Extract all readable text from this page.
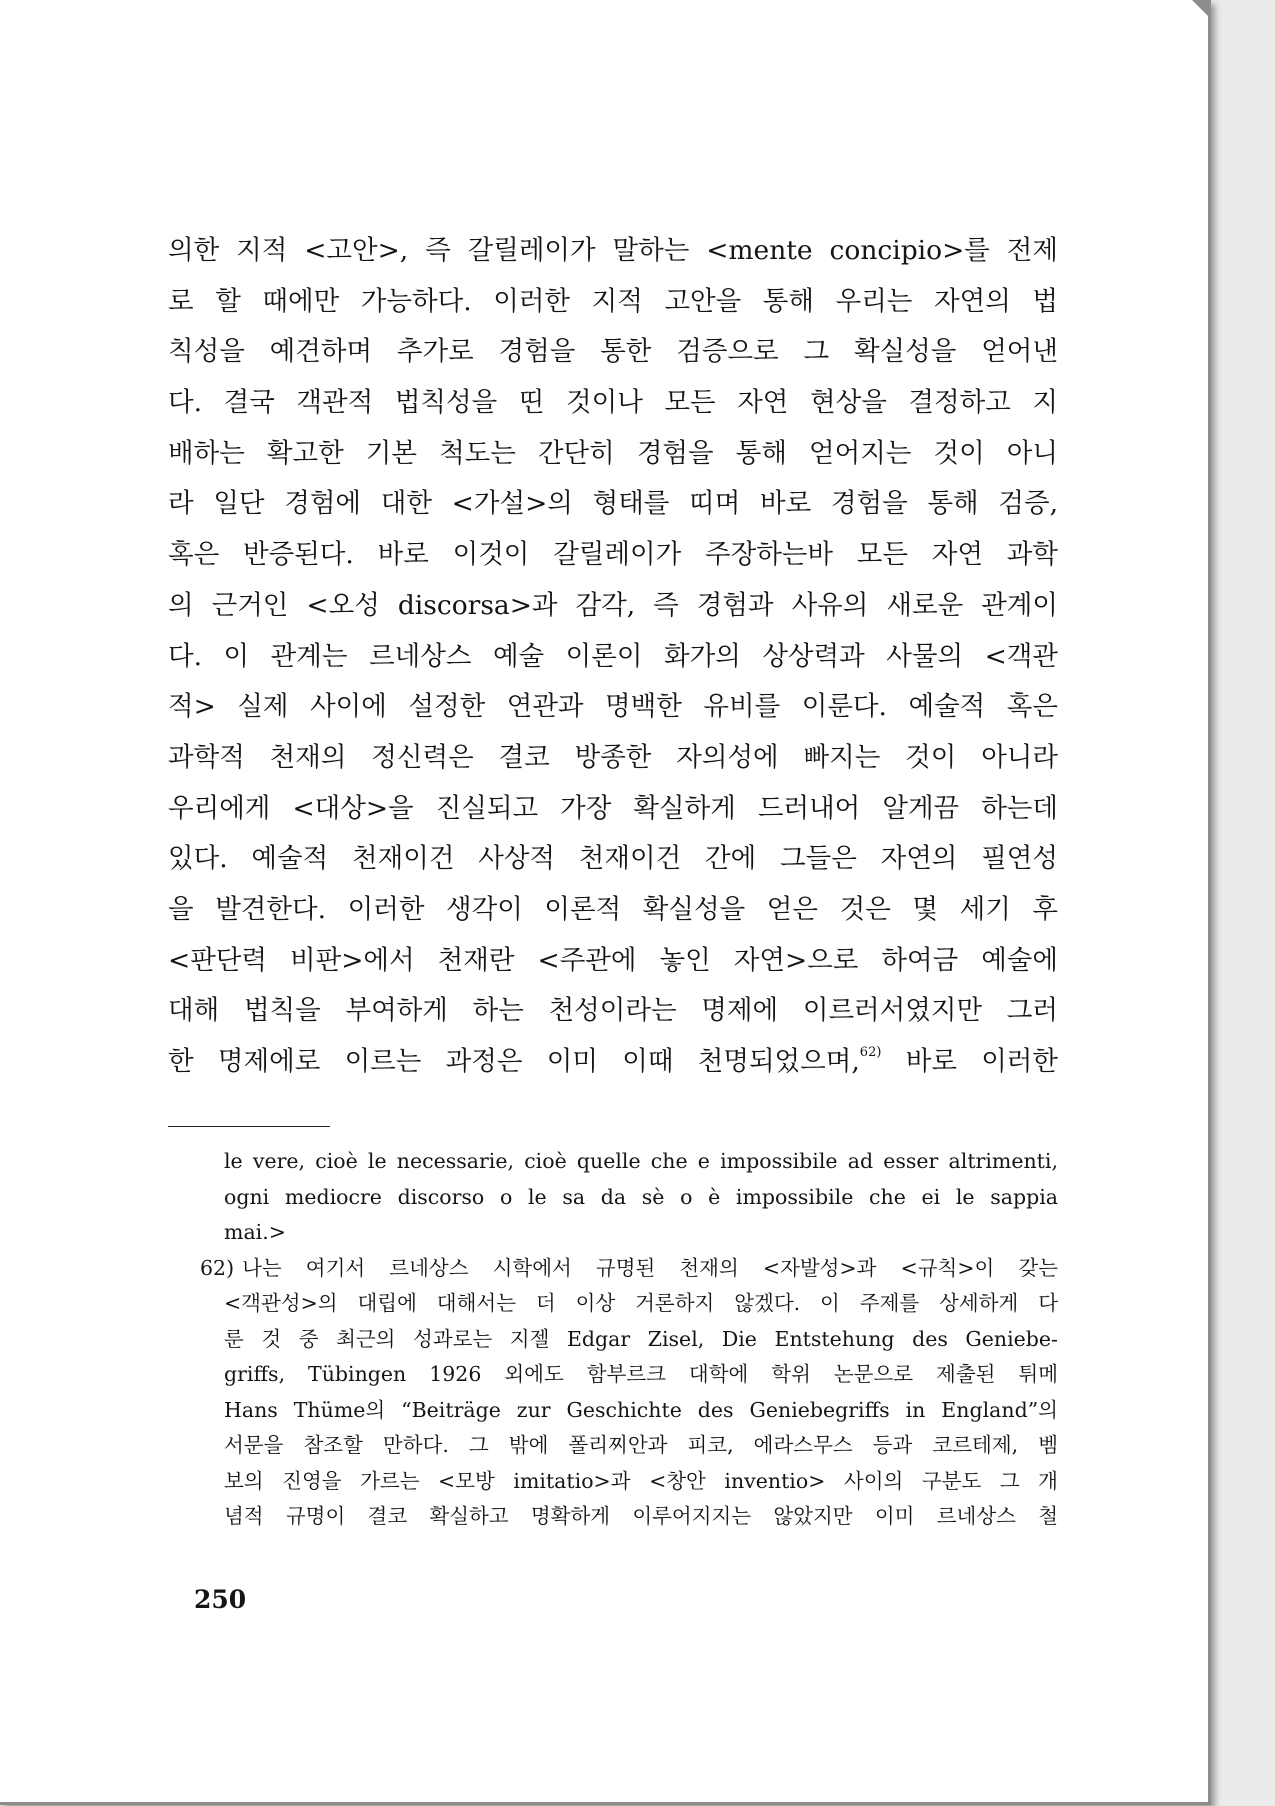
의한 지적 <고안>, 즉 갈릴레이가 말하는 <mente concipio>를 전제
로 할 때에만 가능하다. 이러한 지적 고안을 통해 우리는 자연의 법
칙성을 예견하며 추가로 경험을 통한 검증으로 그 확실성을 얻어낸
다. 결국 객관적 법칙성을 띤 것이나 모든 자연 현상을 결정하고 지
배하는 확고한 기본 척도는 간단히 경험을 통해 얻어지는 것이 아니
라 일단 경험에 대한 <가설>의 형태를 띠며 바로 경험을 통해 검증,
혹은 반증된다. 바로 이것이 갈릴레이가 주장하는바 모든 자연 과학
의 근거인 <오성 discorsa>과 감각, 즉 경험과 사유의 새로운 관계이
다. 이 관계는 르네상스 예술 이론이 화가의 상상력과 사물의 <객관
적> 실제 사이에 설정한 연관과 명백한 유비를 이룬다. 예술적 혹은
과학적 천재의 정신력은 결코 방종한 자의성에 빠지는 것이 아니라
우리에게 <대상>을 진실되고 가장 확실하게 드러내어 알게끔 하는데
있다. 예술적 천재이건 사상적 천재이건 간에 그들은 자연의 필연성
을 발견한다. 이러한 생각이 이론적 확실성을 얻은 것은 몇 세기 후
<판단력 비판>에서 천재란 <주관에 놓인 자연>으로 하여금 예술에
대해 법칙을 부여하게 하는 천성이라는 명제에 이르러서였지만 그러
한 명제에로 이르는 과정은 이미 이때 천명되었으며,$^{62)}$ 바로 이러한
le vere, cioè le necessarie, cioè quelle che e impossibile ad esser altrimenti,
ogni mediocre discorso o le sa da sè o è impossibile che ei le sappia
mai.>
62) 나는 여기서 르네상스 시학에서 규명된 천재의 <자발성>과 <규칙>이 갖는
<객관성>의 대립에 대해서는 더 이상 거론하지 않겠다. 이 주제를 상세하게 다
룬 것 중 최근의 성과로는 지젤 Edgar Zisel, Die Entstehung des Geniebe-
griffs, Tübingen 1926 외에도 함부르크 대학에 학위 논문으로 제출된 튀메
Hans Thüme의 “Beiträge zur Geschichte des Geniebegriffs in England”의
서문을 참조할 만하다. 그 밖에 폴리찌안과 피코, 에라스무스 등과 코르테제, 벰
보의 진영을 가르는 <모방 imitatio>과 <창안 inventio> 사이의 구분도 그 개
념적 규명이 결코 확실하고 명확하게 이루어지지는 않았지만 이미 르네상스 철
250
